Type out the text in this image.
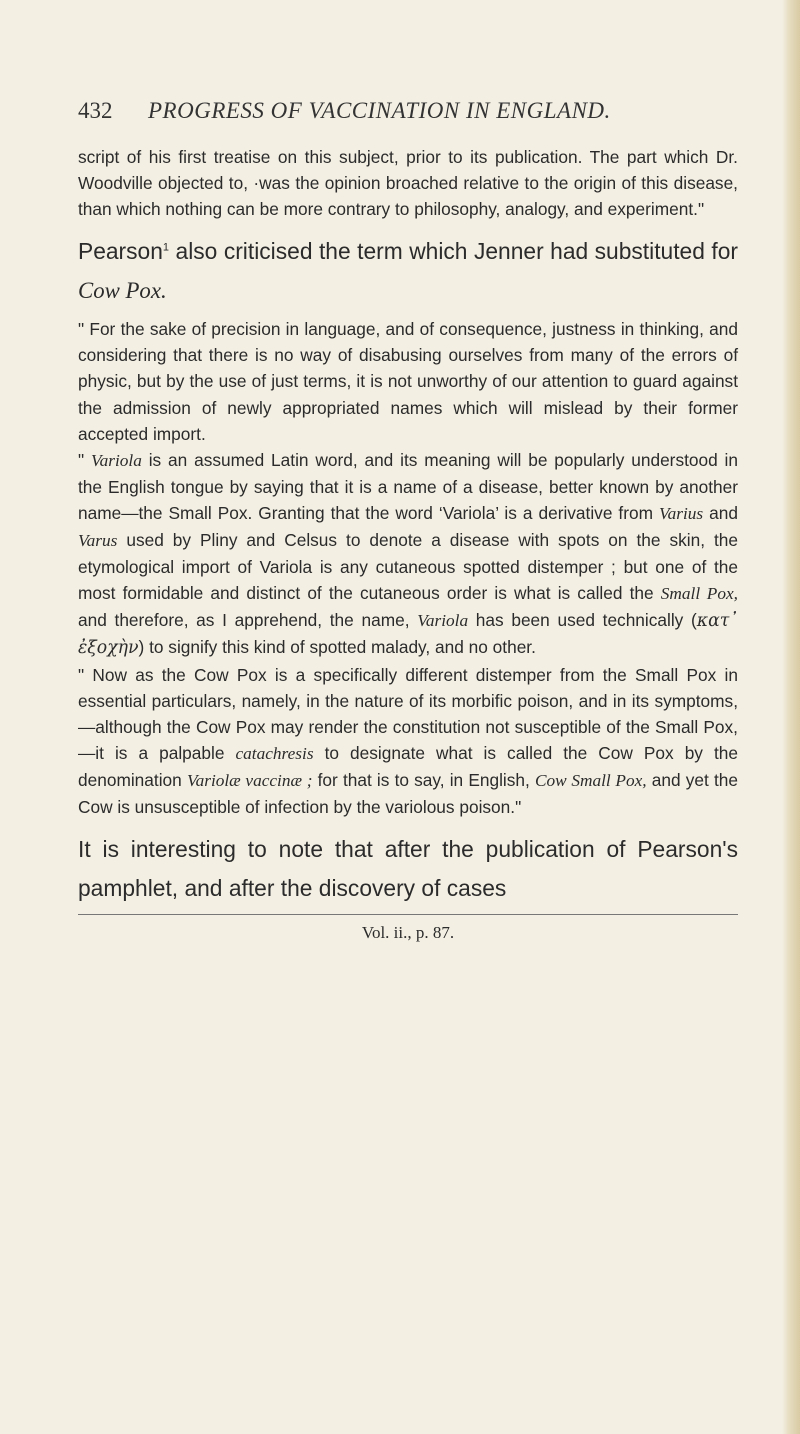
432	PROGRESS OF VACCINATION IN ENGLAND.

script of his first treatise on this subject, prior to its publication. The part which Dr. Woodville objected to, ·was the opinion broached relative to the origin of this disease, than which nothing can be more contrary to philosophy, analogy, and experiment."

Pearson$^1$ also criticised the term which Jenner had substituted for Cow Pox.

" For the sake of precision in language, and of consequence, justness in thinking, and considering that there is no way of disabusing ourselves from many of the errors of physic, but by the use of just terms, it is not unworthy of our attention to guard against the admission of newly appropriated names which will mislead by their former accepted import.

" Variola is an assumed Latin word, and its meaning will be popularly understood in the English tongue by saying that it is a name of a disease, better known by another name—the Small Pox. Granting that the word ‘Variola’ is a derivative from Varius and Varus used by Pliny and Celsus to denote a disease with spots on the skin, the etymological import of Variola is any cutaneous spotted distemper ; but one of the most formidable and distinct of the cutaneous order is what is called the Small Pox, and therefore, as I apprehend, the name, Variola has been used technically (κατ᾽ ἐξοχὴν) to signify this kind of spotted malady, and no other.

" Now as the Cow Pox is a specifically different distemper from the Small Pox in essential particulars, namely, in the nature of its morbific poison, and in its symptoms,—although the Cow Pox may render the constitution not susceptible of the Small Pox,—it is a palpable catachresis to designate what is called the Cow Pox by the denomination Variolæ vaccinæ ; for that is to say, in English, Cow Small Pox, and yet the Cow is unsusceptible of infection by the variolous poison."

It is interesting to note that after the publication of Pearson's pamphlet, and after the discovery of cases

Vol. ii., p. 87.
